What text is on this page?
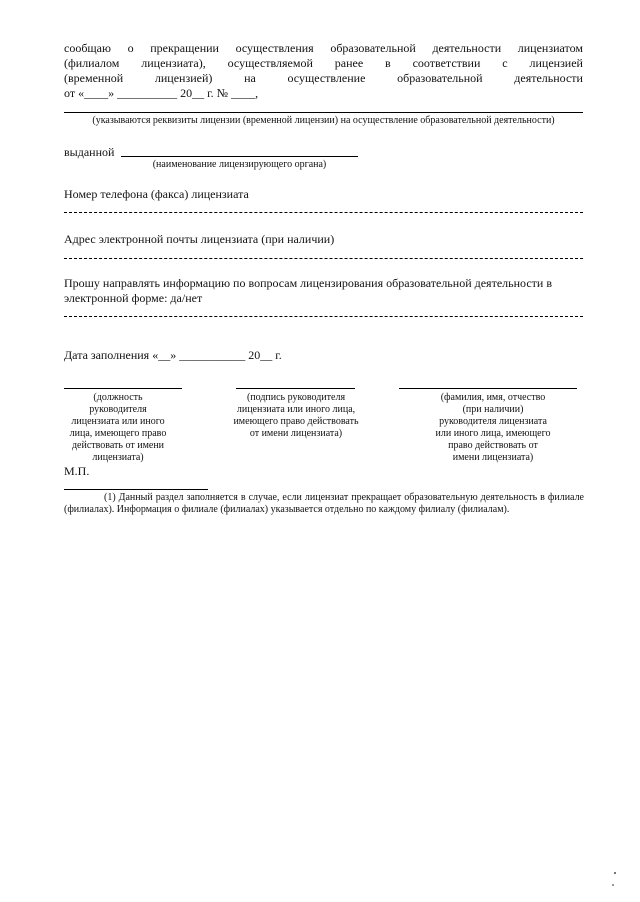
сообщаю о прекращении осуществления образовательной деятельности лицензиатом
(филиалом лицензиата), осуществляемой ранее в соответствии с лицензией
(временной	лицензией)	на	осуществление	образовательной	деятельности
от «____» __________ 20__ г. № ____,
(указываются реквизиты лицензии (временной лицензии) на осуществление образовательной деятельности)
выданной
(наименование лицензирующего органа)
Номер телефона (факса) лицензиата
Адрес электронной почты лицензиата (при наличии)
Прошу направлять информацию по вопросам лицензирования образовательной деятельности в электронной форме: да/нет
Дата заполнения «__» ___________ 20__ г.
(должность
руководителя
лицензиата или иного
лица, имеющего право
действовать от имени
лицензиата)
(подпись руководителя
лицензиата или иного лица,
имеющего право действовать
от имени лицензиата)
(фамилия, имя, отчество
(при наличии)
руководителя лицензиата
или иного лица, имеющего
право действовать от
имени лицензиата)
М.П.
(1) Данный раздел заполняется в случае, если лицензиат прекращает образовательную деятельность в филиале (филиалах). Информация о филиале (филиалах) указывается отдельно по каждому филиалу (филиалам).
